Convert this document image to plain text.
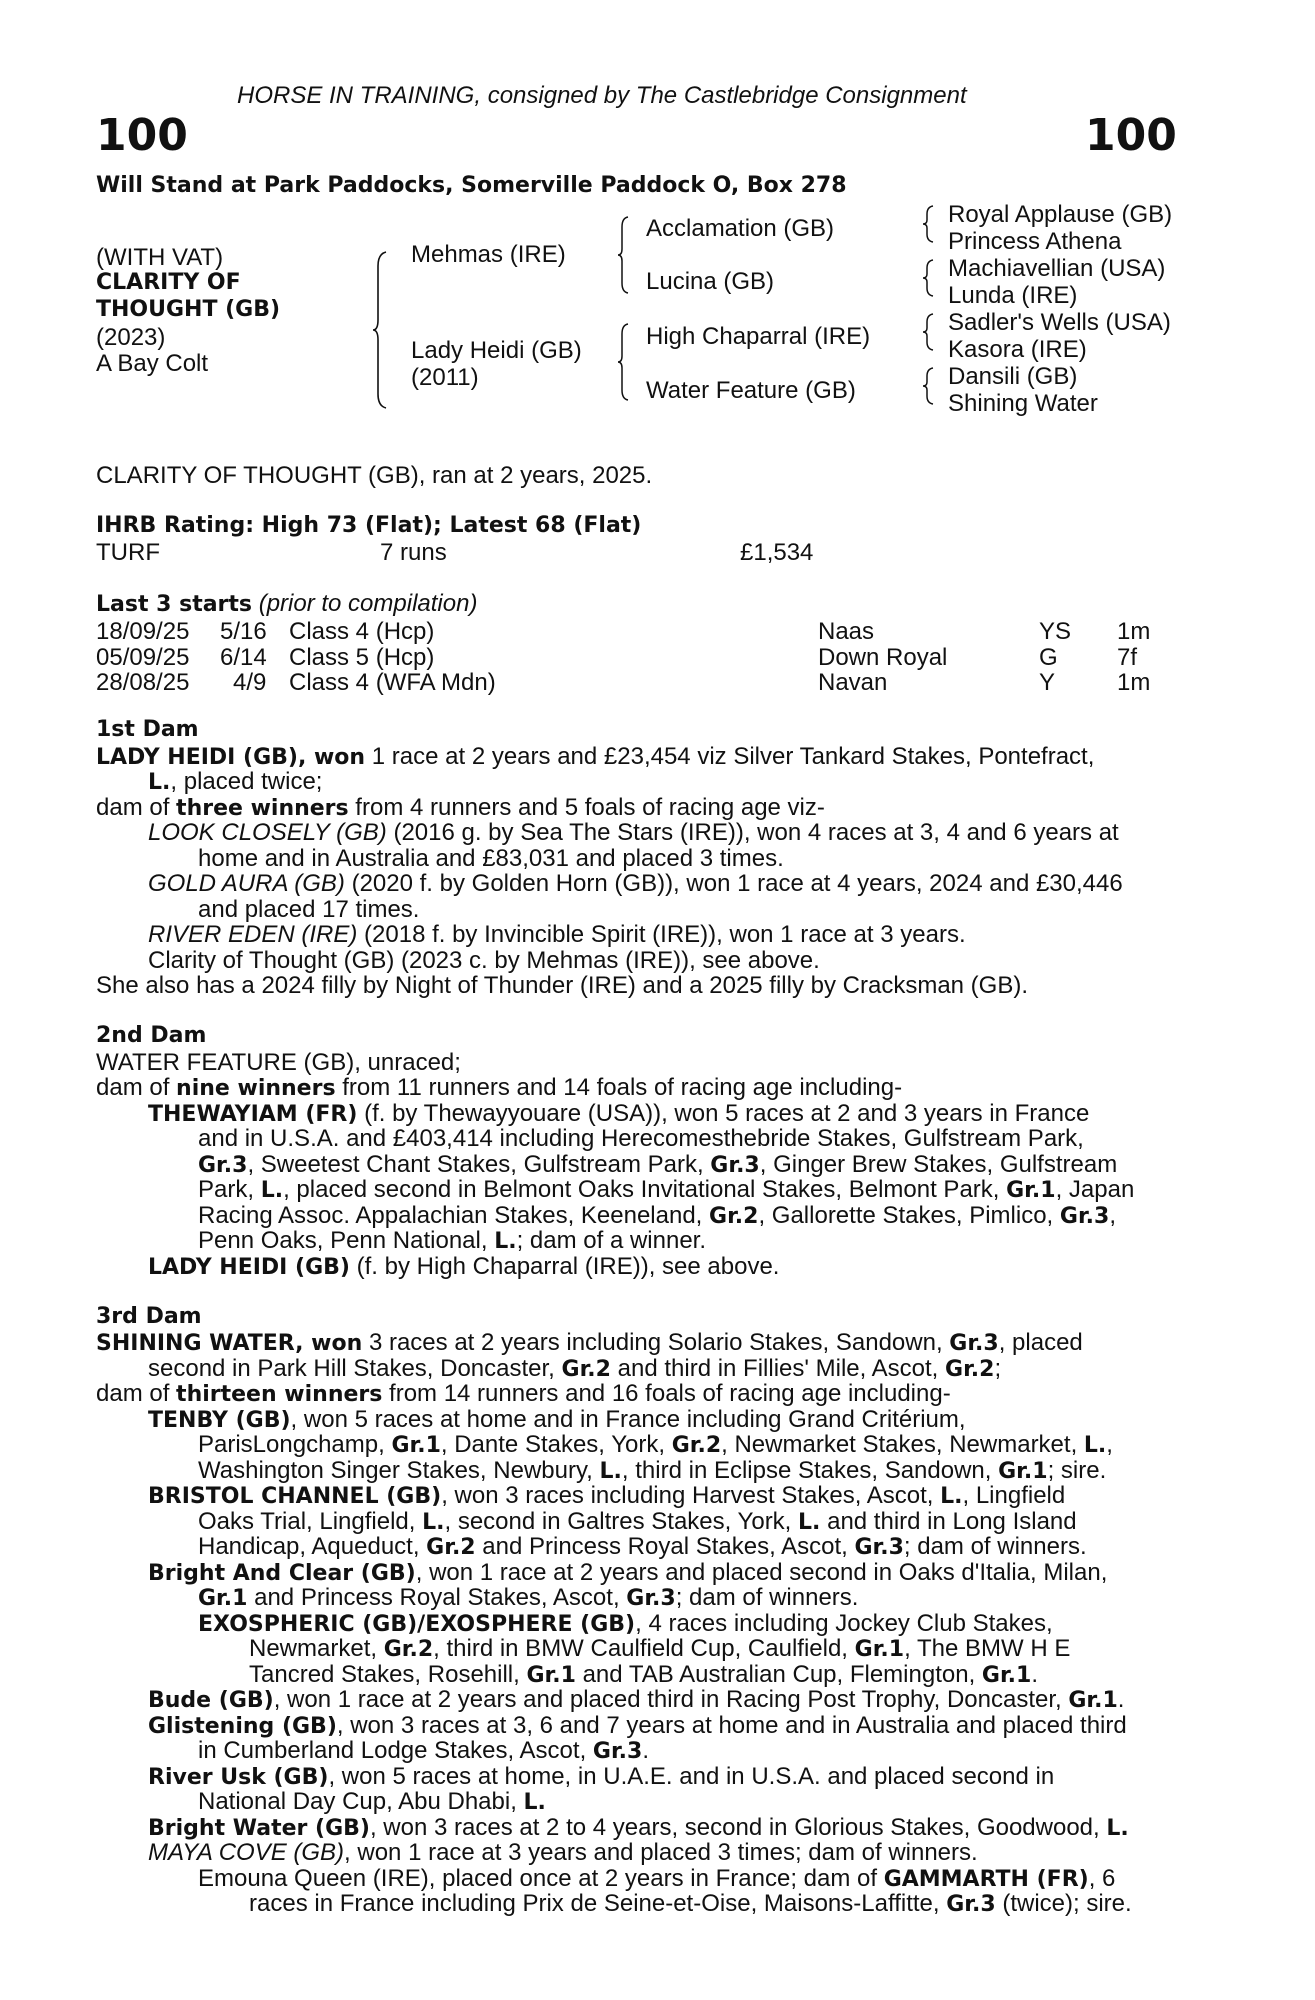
HORSE IN TRAINING, consigned by The Castlebridge Consignment
100	100
Will Stand at Park Paddocks, Somerville Paddock O, Box 278
(WITH VAT)
CLARITY OF
THOUGHT (GB)
(2023)
A Bay Colt
Mehmas (IRE)
Lady Heidi (GB)
(2011)
Acclamation (GB)
Lucina (GB)
High Chaparral (IRE)
Water Feature (GB)
Royal Applause (GB)
Princess Athena
Machiavellian (USA)
Lunda (IRE)
Sadler's Wells (USA)
Kasora (IRE)
Dansili (GB)
Shining Water
CLARITY OF THOUGHT (GB), ran at 2 years, 2025.
IHRB Rating: High 73 (Flat); Latest 68 (Flat)
TURF	7 runs	£1,534
Last 3 starts (prior to compilation)
18/09/25 5/16 Class 4 (Hcp)	Naas	YS 1m
05/09/25 6/14 Class 5 (Hcp)	Down Royal	G 7f
28/08/25 4/9 Class 4 (WFA Mdn)	Navan	Y	1m
1st Dam
LADY HEIDI (GB), won 1 race at 2 years and £23,454 viz Silver Tankard Stakes, Pontefract,
L., placed twice;
dam of three winners from 4 runners and 5 foals of racing age viz-
LOOK CLOSELY (GB) (2016 g. by Sea The Stars (IRE)), won 4 races at 3, 4 and 6 years at
home and in Australia and £83,031 and placed 3 times.
GOLD AURA (GB) (2020 f. by Golden Horn (GB)), won 1 race at 4 years, 2024 and £30,446
and placed 17 times.
RIVER EDEN (IRE) (2018 f. by Invincible Spirit (IRE)), won 1 race at 3 years.
Clarity of Thought (GB) (2023 c. by Mehmas (IRE)), see above.
She also has a 2024 filly by Night of Thunder (IRE) and a 2025 filly by Cracksman (GB).
2nd Dam
WATER FEATURE (GB), unraced;
dam of nine winners from 11 runners and 14 foals of racing age including-
THEWAYIAM (FR) (f. by Thewayyouare (USA)), won 5 races at 2 and 3 years in France
and in U.S.A. and £403,414 including Herecomesthebride Stakes, Gulfstream Park,
Gr.3, Sweetest Chant Stakes, Gulfstream Park, Gr.3, Ginger Brew Stakes, Gulfstream
Park, L., placed second in Belmont Oaks Invitational Stakes, Belmont Park, Gr.1, Japan
Racing Assoc. Appalachian Stakes, Keeneland, Gr.2, Gallorette Stakes, Pimlico, Gr.3,
Penn Oaks, Penn National, L.; dam of a winner.
LADY HEIDI (GB) (f. by High Chaparral (IRE)), see above.
3rd Dam
SHINING WATER, won 3 races at 2 years including Solario Stakes, Sandown, Gr.3, placed
second in Park Hill Stakes, Doncaster, Gr.2 and third in Fillies' Mile, Ascot, Gr.2;
dam of thirteen winners from 14 runners and 16 foals of racing age including-
TENBY (GB), won 5 races at home and in France including Grand Critérium,
ParisLongchamp, Gr.1, Dante Stakes, York, Gr.2, Newmarket Stakes, Newmarket, L.,
Washington Singer Stakes, Newbury, L., third in Eclipse Stakes, Sandown, Gr.1; sire.
BRISTOL CHANNEL (GB), won 3 races including Harvest Stakes, Ascot, L., Lingfield
Oaks Trial, Lingfield, L., second in Galtres Stakes, York, L. and third in Long Island
Handicap, Aqueduct, Gr.2 and Princess Royal Stakes, Ascot, Gr.3; dam of winners.
Bright And Clear (GB), won 1 race at 2 years and placed second in Oaks d'Italia, Milan,
Gr.1 and Princess Royal Stakes, Ascot, Gr.3; dam of winners.
EXOSPHERIC (GB)/EXOSPHERE (GB), 4 races including Jockey Club Stakes,
Newmarket, Gr.2, third in BMW Caulfield Cup, Caulfield, Gr.1, The BMW H E
Tancred Stakes, Rosehill, Gr.1 and TAB Australian Cup, Flemington, Gr.1.
Bude (GB), won 1 race at 2 years and placed third in Racing Post Trophy, Doncaster, Gr.1.
Glistening (GB), won 3 races at 3, 6 and 7 years at home and in Australia and placed third
in Cumberland Lodge Stakes, Ascot, Gr.3.
River Usk (GB), won 5 races at home, in U.A.E. and in U.S.A. and placed second in
National Day Cup, Abu Dhabi, L.
Bright Water (GB), won 3 races at 2 to 4 years, second in Glorious Stakes, Goodwood, L.
MAYA COVE (GB), won 1 race at 3 years and placed 3 times; dam of winners.
Emouna Queen (IRE), placed once at 2 years in France; dam of GAMMARTH (FR), 6
races in France including Prix de Seine-et-Oise, Maisons-Laffitte, Gr.3 (twice); sire.
